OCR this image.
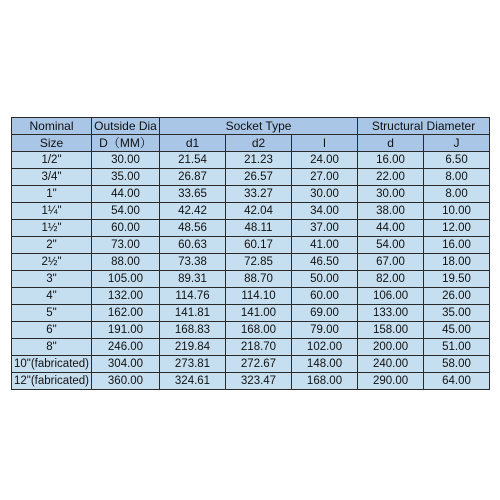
Nominal	Outside Dia	Socket Type			Structural Diameter	
Size	D（MM）	d1	d2	l	d	J
1/2"	30.00	21.54	21.23	24.00	16.00	6.50
3/4"	35.00	26.87	26.57	27.00	22.00	8.00
1"	44.00	33.65	33.27	30.00	30.00	8.00
1¼"	54.00	42.42	42.04	34.00	38.00	10.00
1½"	60.00	48.56	48.11	37.00	44.00	12.00
2"	73.00	60.63	60.17	41.00	54.00	16.00
2½"	88.00	73.38	72.85	46.50	67.00	18.00
3"	105.00	89.31	88.70	50.00	82.00	19.50
4"	132.00	114.76	114.10	60.00	106.00	26.00
5"	162.00	141.81	141.00	69.00	133.00	35.00
6"	191.00	168.83	168.00	79.00	158.00	45.00
8"	246.00	219.84	218.70	102.00	200.00	51.00
10"(fabricated)	304.00	273.81	272.67	148.00	240.00	58.00
12"(fabricated)	360.00	324.61	323.47	168.00	290.00	64.00
